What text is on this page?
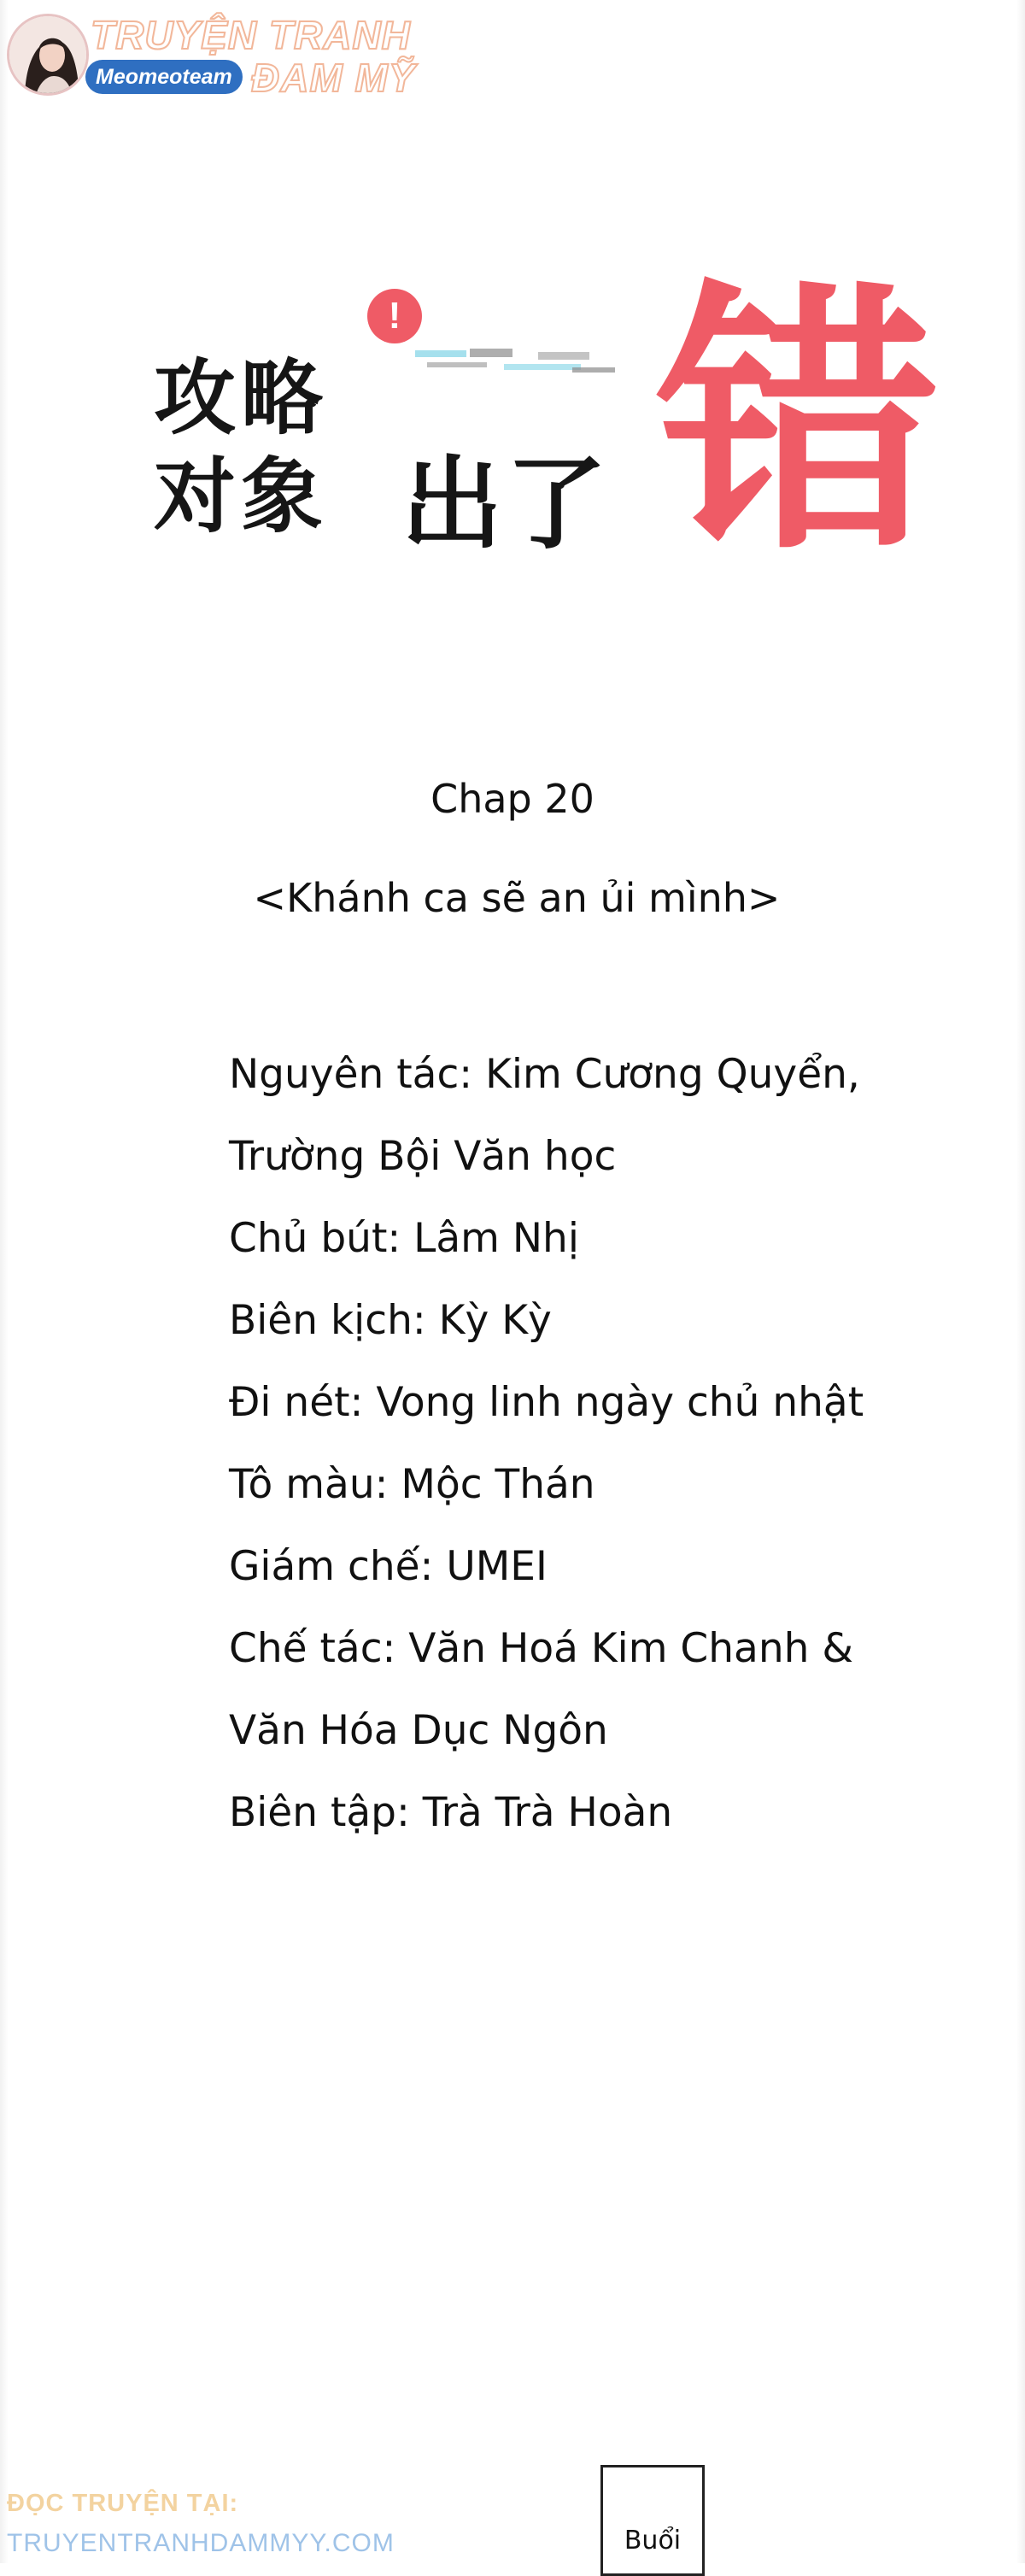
TRUYỆN TRANH
Meomeoteam ĐAM MỸ
攻略
对象 出了
! 错
Chap 20
<Khánh ca sẽ an ủi mình>
Nguyên tác: Kim Cương Quyển,
Trường Bội Văn học
Chủ bút: Lâm Nhị
Biên kịch: Kỳ Kỳ
Đi nét: Vong linh ngày chủ nhật
Tô màu: Mộc Thán
Giám chế: UMEI
Chế tác: Văn Hoá Kim Chanh &
Văn Hóa Dục Ngôn
Biên tập: Trà Trà Hoàn
ĐỌC TRUYỆN TẠI:
TRUYENTRANHDAMMYY.COM	Buổi
